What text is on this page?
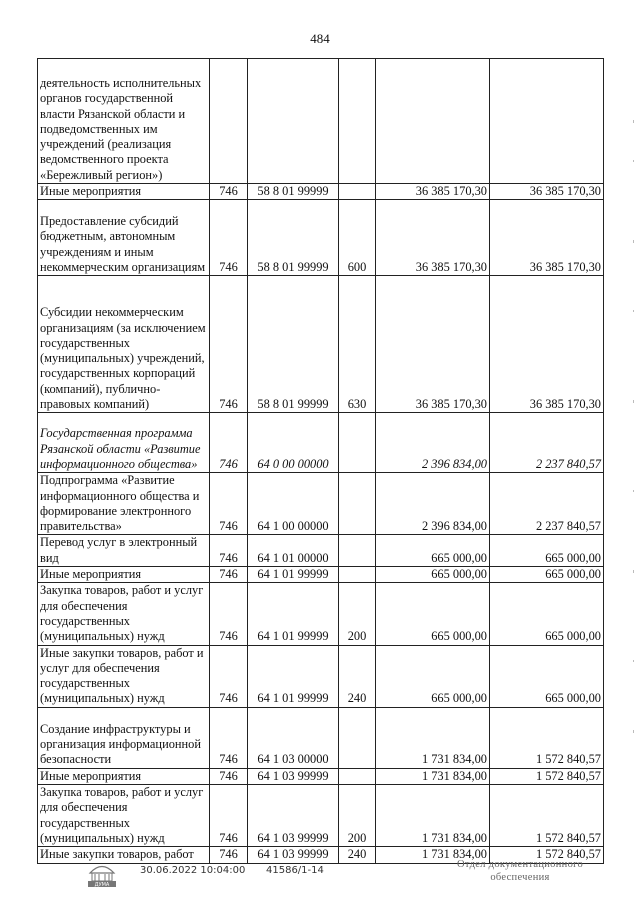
484
деятельность исполнительных органов государственной власти Рязанской области и подведомственных им учреждений (реализация ведомственного проекта «Бережливый регион»)					
Иные мероприятия	746	58 8 01 99999		36 385 170,30	36 385 170,30
Предоставление субсидий бюджетным, автономным учреждениям и иным некоммерческим организациям	746	58 8 01 99999	600	36 385 170,30	36 385 170,30
Субсидии некоммерческим организациям (за исключением государственных (муниципальных) учреждений, государственных корпораций (компаний), публично-правовых компаний)	746	58 8 01 99999	630	36 385 170,30	36 385 170,30
Государственная программа Рязанской области «Развитие информационного общества»	746	64 0 00 00000		2 396 834,00	2 237 840,57
Подпрограмма «Развитие информационного общества и формирование электронного правительства»	746	64 1 00 00000		2 396 834,00	2 237 840,57
Перевод услуг в электронный вид	746	64 1 01 00000		665 000,00	665 000,00
Иные мероприятия	746	64 1 01 99999		665 000,00	665 000,00
Закупка товаров, работ и услуг для обеспечения государственных (муниципальных) нужд	746	64 1 01 99999	200	665 000,00	665 000,00
Иные закупки товаров, работ и услуг для обеспечения государственных (муниципальных) нужд	746	64 1 01 99999	240	665 000,00	665 000,00
Создание инфраструктуры и организация информационной безопасности	746	64 1 03 00000		1 731 834,00	1 572 840,57
Иные мероприятия	746	64 1 03 99999		1 731 834,00	1 572 840,57
Закупка товаров, работ и услуг для обеспечения государственных (муниципальных) нужд	746	64 1 03 99999	200	1 731 834,00	1 572 840,57
Иные закупки товаров, работ	746	64 1 03 99999	240	1 731 834,00	1 572 840,57
ДУМА
30.06.2022 10:04:00 41586/1-14
Отдел документационного обеспечения
